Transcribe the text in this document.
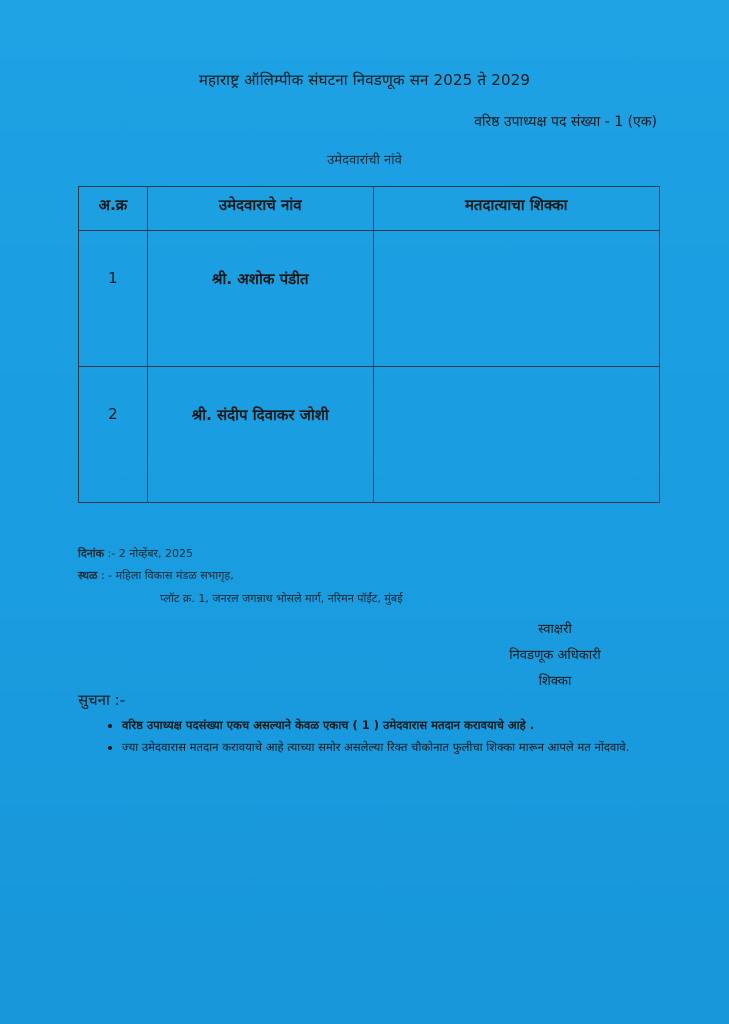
महाराष्ट्र ऑलिम्पीक संघटना निवडणूक सन 2025 ते 2029
वरिष्ठ उपाध्यक्ष पद संख्या - 1 (एक)
उमेदवारांची नांवे
अ.क्र	उमेदवाराचे नांव	मतदात्याचा शिक्का
1	श्री. अशोक पंडीत	
2	श्री. संदीप दिवाकर जोशी	
दिनांक :- 2 नोव्हेंबर, 2025
स्थळ : - महिला विकास मंडळ सभागृह,
प्लॉट क्र. 1, जनरल जगन्नाथ भोसले मार्ग, नरिमन पॉईंट, मुंबई
स्वाक्षरी
निवडणूक अधिकारी
शिक्का
सुचना :-
• वरिष्ठ उपाध्यक्ष पदसंख्या एकच असल्याने केवळ एकाच ( 1 ) उमेदवारास मतदान करावयाचे आहे .
• ज्या उमेदवारास मतदान करावयाचे आहे त्याच्या समोर असलेल्या रिक्त चौकोनात फुलीचा शिक्का मारून आपले मत नोंदवावे.
